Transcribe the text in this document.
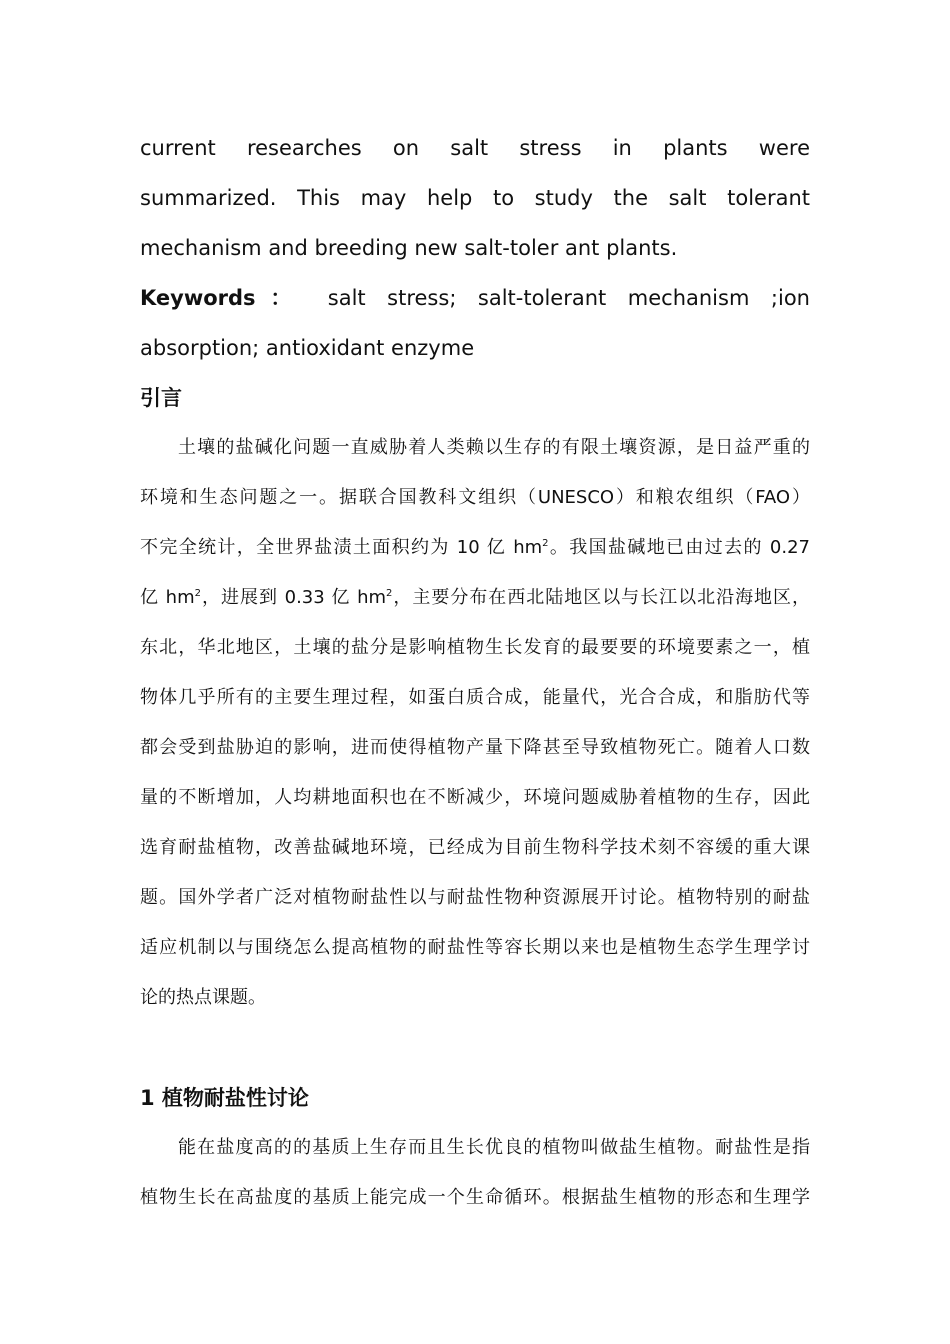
current researches on salt stress in plants were
summarized. This may help to study the salt tolerant
mechanism and breeding new salt-toler ant plants.

Keywords： salt stress; salt-tolerant mechanism ;ion
absorption; antioxidant enzyme

引言

土壤的盐碱化问题一直威胁着人类赖以生存的有限土壤资源，是日益严重的
环境和生态问题之一。据联合国教科文组织（UNESCO）和粮农组织（FAO）
不完全统计，全世界盐渍土面积约为 10 亿 $hm^2$。我国盐碱地已由过去的 0.27
亿 $hm^2$，进展到 0.33 亿 $hm^2$，主要分布在西北陆地区以与长江以北沿海地区，
东北，华北地区，土壤的盐分是影响植物生长发育的最要要的环境要素之一，植
物体几乎所有的主要生理过程，如蛋白质合成，能量代，光合合成，和脂肪代等
都会受到盐胁迫的影响，进而使得植物产量下降甚至导致植物死亡。随着人口数
量的不断增加，人均耕地面积也在不断减少，环境问题威胁着植物的生存，因此
选育耐盐植物，改善盐碱地环境，已经成为目前生物科学技术刻不容缓的重大课
题。国外学者广泛对植物耐盐性以与耐盐性物种资源展开讨论。植物特别的耐盐
适应机制以与围绕怎么提高植物的耐盐性等容长期以来也是植物生态学生理学讨
论的热点课题。

1 植物耐盐性讨论

能在盐度高的的基质上生存而且生长优良的植物叫做盐生植物。耐盐性是指
植物生长在高盐度的基质上能完成一个生命循环。根据盐生植物的形态和生理学
